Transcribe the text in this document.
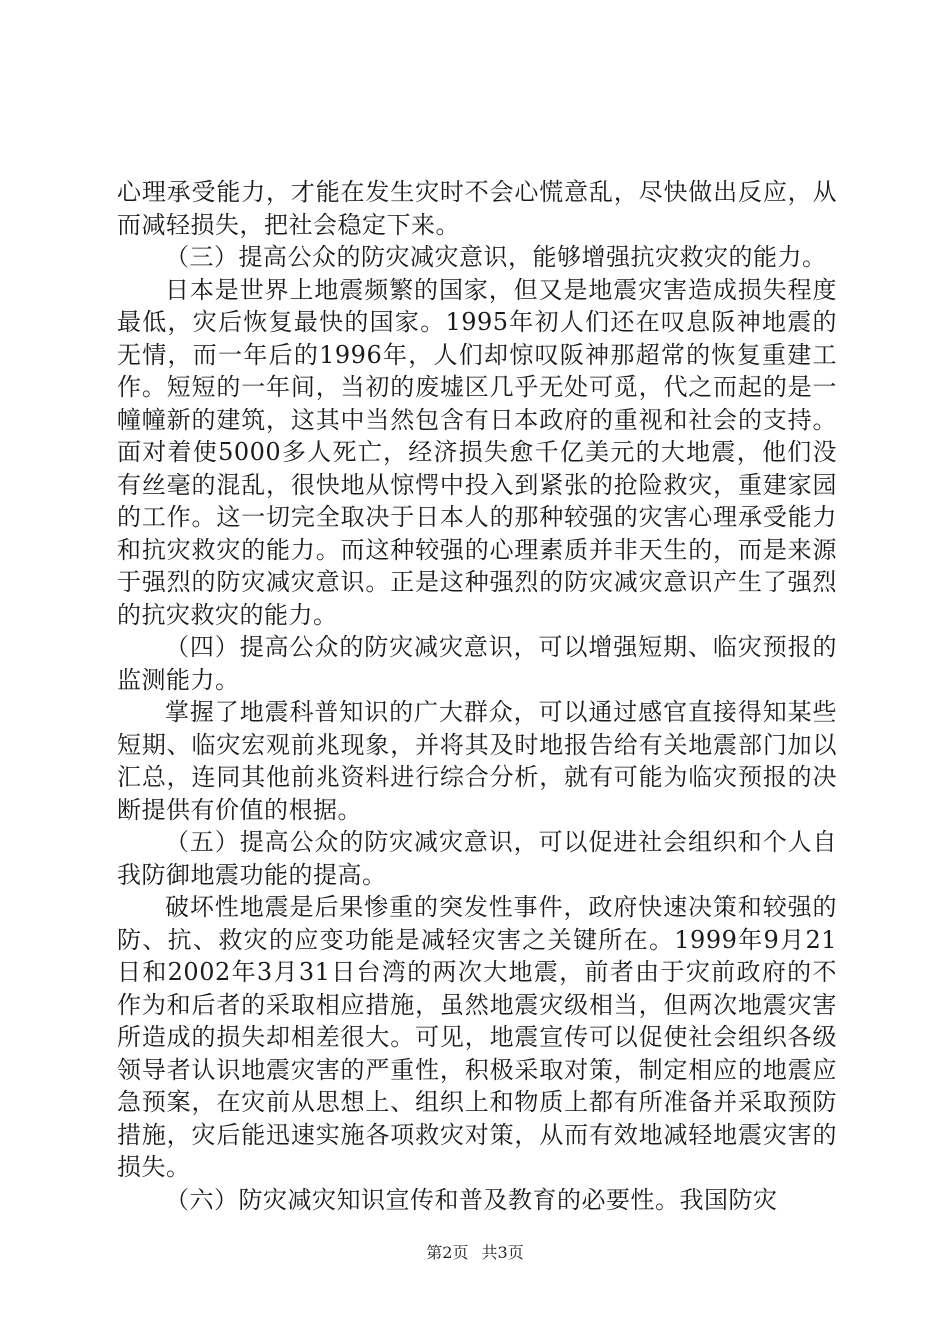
心理承受能力，才能在发生灾时不会心慌意乱，尽快做出反应，从而减轻损失，把社会稳定下来。

（三）提高公众的防灾减灾意识，能够增强抗灾救灾的能力。

日本是世界上地震频繁的国家，但又是地震灾害造成损失程度最低，灾后恢复最快的国家。1995年初人们还在叹息阪神地震的无情，而一年后的1996年，人们却惊叹阪神那超常的恢复重建工作。短短的一年间，当初的废墟区几乎无处可觅，代之而起的是一幢幢新的建筑，这其中当然包含有日本政府的重视和社会的支持。面对着使5000多人死亡，经济损失愈千亿美元的大地震，他们没有丝毫的混乱，很快地从惊愕中投入到紧张的抢险救灾，重建家园的工作。这一切完全取决于日本人的那种较强的灾害心理承受能力和抗灾救灾的能力。而这种较强的心理素质并非天生的，而是来源于强烈的防灾减灾意识。正是这种强烈的防灾减灾意识产生了强烈的抗灾救灾的能力。

（四）提高公众的防灾减灾意识，可以增强短期、临灾预报的监测能力。

掌握了地震科普知识的广大群众，可以通过感官直接得知某些短期、临灾宏观前兆现象，并将其及时地报告给有关地震部门加以汇总，连同其他前兆资料进行综合分析，就有可能为临灾预报的决断提供有价值的根据。

（五）提高公众的防灾减灾意识，可以促进社会组织和个人自我防御地震功能的提高。

破坏性地震是后果惨重的突发性事件，政府快速决策和较强的防、抗、救灾的应变功能是减轻灾害之关键所在。1999年9月21日和2002年3月31日台湾的两次大地震，前者由于灾前政府的不作为和后者的采取相应措施，虽然地震灾级相当，但两次地震灾害所造成的损失却相差很大。可见，地震宣传可以促使社会组织各级领导者认识地震灾害的严重性，积极采取对策，制定相应的地震应急预案，在灾前从思想上、组织上和物质上都有所准备并采取预防措施，灾后能迅速实施各项救灾对策，从而有效地减轻地震灾害的损失。

（六）防灾减灾知识宣传和普及教育的必要性。我国防灾

第2页 共3页
